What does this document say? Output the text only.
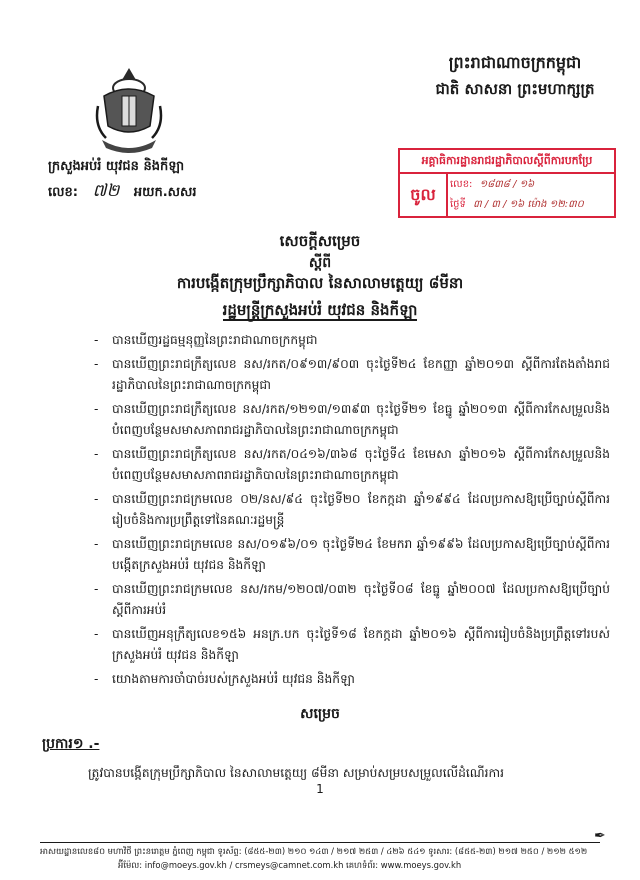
ព្រះរាជាណាចក្រកម្ពុជា
ជាតិ សាសនា ព្រះមហាក្សត្រ
ក្រសួងអប់រំ យុវជន និងកីឡា
លេខ: ៧២ អយក.សសរ
អគ្គាធិការដ្ឋានរាជរដ្ឋាភិបាលស្ដីពីការបកប្រែ
ចូល
លេខ: ១៨៣៨ / ១៦
ថ្ងៃទី ៣ / ៣ / ១៦ ម៉ោង ១២:៣០
សេចក្ដីសម្រេច
ស្ដីពី
ការបង្កើតក្រុមប្រឹក្សាភិបាល នៃសាលាមត្តេយ្យ ៨មីនា
រដ្ឋមន្ត្រីក្រសួងអប់រំ យុវជន និងកីឡា
- បានឃើញរដ្ឋធម្មនុញ្ញនៃព្រះរាជាណាចក្រកម្ពុជា
- បានឃើញព្រះរាជក្រឹត្យលេខ នស/រកត/០៩១៣/៩០៣ ចុះថ្ងៃទី២៤ ខែកញ្ញា ឆ្នាំ២០១៣ ស្ដីពីការតែងតាំងរាជរដ្ឋាភិបាលនៃព្រះរាជាណាចក្រកម្ពុជា
- បានឃើញព្រះរាជក្រឹត្យលេខ នស/រកត/១២១៣/១៣៩៣ ចុះថ្ងៃទី២១ ខែធ្នូ ឆ្នាំ២០១៣ ស្ដីពីការកែសម្រួលនិងបំពេញបន្ថែមសមាសភាពរាជរដ្ឋាភិបាលនៃព្រះរាជាណាចក្រកម្ពុជា
- បានឃើញព្រះរាជក្រឹត្យលេខ នស/រកត/០៤១៦/៣៦៨ ចុះថ្ងៃទី៤ ខែមេសា ឆ្នាំ២០១៦ ស្ដីពីការកែសម្រួលនិងបំពេញបន្ថែមសមាសភាពរាជរដ្ឋាភិបាលនៃព្រះរាជាណាចក្រកម្ពុជា
- បានឃើញព្រះរាជក្រមលេខ ០២/នស/៩៤ ចុះថ្ងៃទី២០ ខែកក្កដា ឆ្នាំ១៩៩៤ ដែលប្រកាសឱ្យប្រើច្បាប់ស្ដីពីការរៀបចំនិងការប្រព្រឹត្តទៅនៃគណៈរដ្ឋមន្ត្រី
- បានឃើញព្រះរាជក្រមលេខ នស/០១៩៦/០១ ចុះថ្ងៃទី២៤ ខែមករា ឆ្នាំ១៩៩៦ ដែលប្រកាសឱ្យប្រើច្បាប់ស្ដីពីការបង្កើតក្រសួងអប់រំ យុវជន និងកីឡា
- បានឃើញព្រះរាជក្រមលេខ នស/រកម/១២០៧/០៣២ ចុះថ្ងៃទី០៨ ខែធ្នូ ឆ្នាំ២០០៧ ដែលប្រកាសឱ្យប្រើច្បាប់ស្ដីពីការអប់រំ
- បានឃើញអនុក្រឹត្យលេខ១៥៦ អនក្រ.បក ចុះថ្ងៃទី១៨ ខែកក្កដា ឆ្នាំ២០១៦ ស្ដីពីការរៀបចំនិងប្រព្រឹត្តទៅរបស់ក្រសួងអប់រំ យុវជន និងកីឡា
- យោងតាមការចាំបាច់របស់ក្រសួងអប់រំ យុវជន និងកីឡា
សម្រេច
ប្រការ១ .-
ត្រូវបានបង្កើតក្រុមប្រឹក្សាភិបាល នៃសាលាមត្តេយ្យ ៨មីនា សម្រាប់សម្របសម្រួលលើដំណើរការ
1
✒
អាសយដ្ឋានលេខ៨០ មហាវិថី ព្រះនរោត្តម ភ្នំពេញ កម្ពុជា ទូរស័ព្ទ: (៨៥៥-២៣) ២១០ ១៤៣ / ២១៧ ២៥៣ / ៤២៦ ៥៤១ ទូរសារ: (៨៥៥-២៣) ២១៧ ២៥០ / ២១២ ៥១២
អ៊ីម៉ែល: info@moeys.gov.kh / crsmeys@camnet.com.kh គេហទំព័រ: www.moeys.gov.kh
